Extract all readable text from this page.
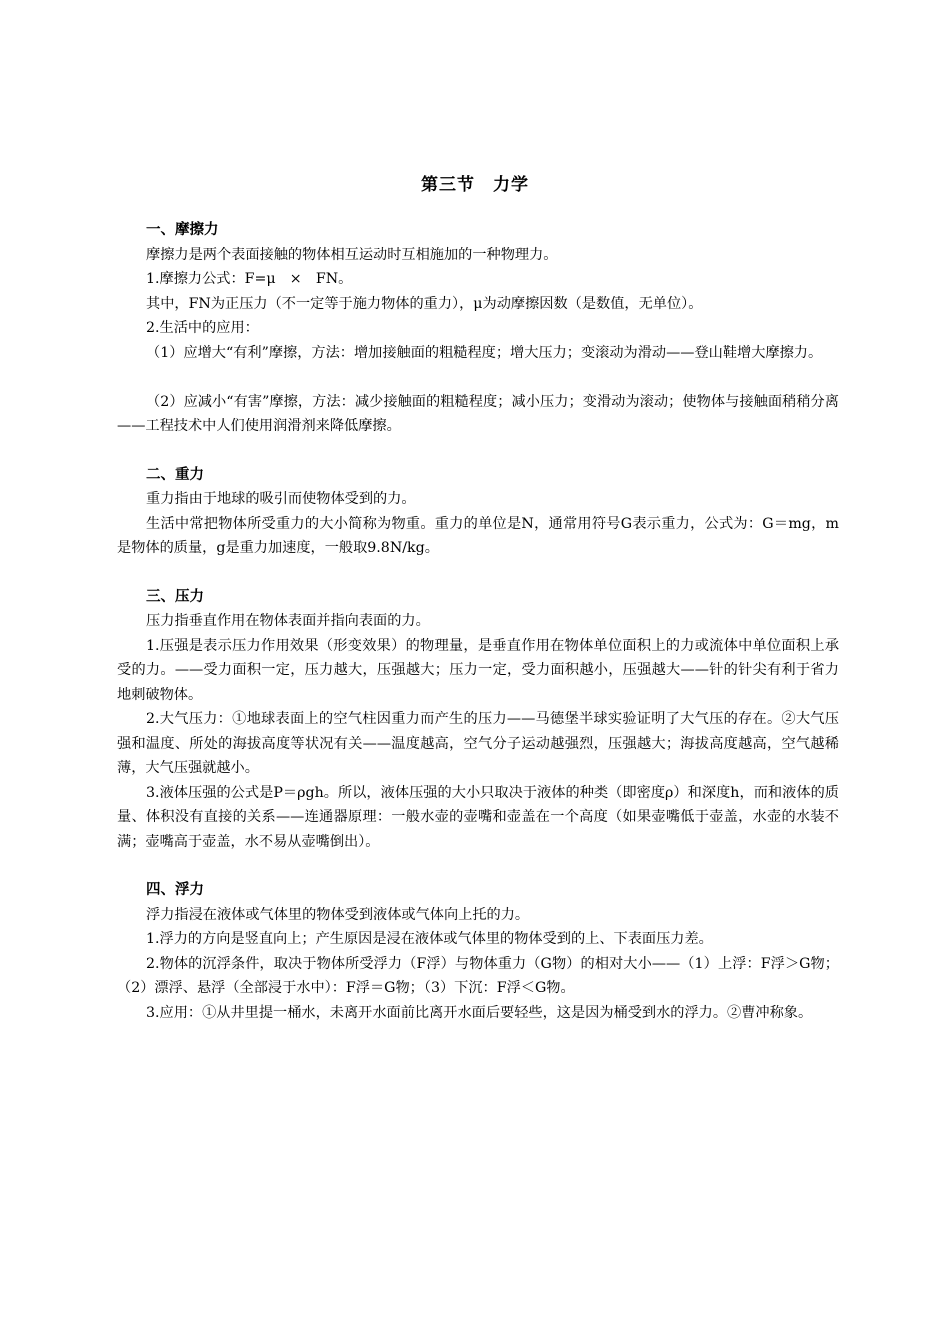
第三节　力学

一、摩擦力

摩擦力是两个表面接触的物体相互运动时互相施加的一种物理力。

1.摩擦力公式：F=μ　×　FN。

其中，FN为正压力（不一定等于施力物体的重力），μ为动摩擦因数（是数值，无单位）。

2.生活中的应用：

（1）应增大“有利”摩擦，方法：增加接触面的粗糙程度；增大压力；变滚动为滑动——登山鞋增大摩擦力。

（2）应减小“有害”摩擦，方法：减少接触面的粗糙程度；减小压力；变滑动为滚动；使物体与接触面稍稍分离——工程技术中人们使用润滑剂来降低摩擦。

二、重力

重力指由于地球的吸引而使物体受到的力。

生活中常把物体所受重力的大小简称为物重。重力的单位是N，通常用符号G表示重力，公式为：G＝mg，m是物体的质量，g是重力加速度，一般取9.8N/kg。

三、压力

压力指垂直作用在物体表面并指向表面的力。

1.压强是表示压力作用效果（形变效果）的物理量，是垂直作用在物体单位面积上的力或流体中单位面积上承受的力。——受力面积一定，压力越大，压强越大；压力一定，受力面积越小，压强越大——针的针尖有利于省力地刺破物体。

2.大气压力：①地球表面上的空气柱因重力而产生的压力——马德堡半球实验证明了大气压的存在。②大气压强和温度、所处的海拔高度等状况有关——温度越高，空气分子运动越强烈，压强越大；海拔高度越高，空气越稀薄，大气压强就越小。

3.液体压强的公式是P＝ρgh。所以，液体压强的大小只取决于液体的种类（即密度ρ）和深度h，而和液体的质量、体积没有直接的关系——连通器原理：一般水壶的壶嘴和壶盖在一个高度（如果壶嘴低于壶盖，水壶的水装不满；壶嘴高于壶盖，水不易从壶嘴倒出）。

四、浮力

浮力指浸在液体或气体里的物体受到液体或气体向上托的力。

1.浮力的方向是竖直向上；产生原因是浸在液体或气体里的物体受到的上、下表面压力差。

2.物体的沉浮条件，取决于物体所受浮力（F浮）与物体重力（G物）的相对大小——（1）上浮：F浮＞G物；（2）漂浮、悬浮（全部浸于水中）：F浮＝G物；（3）下沉：F浮＜G物。

3.应用：①从井里提一桶水，未离开水面前比离开水面后要轻些，这是因为桶受到水的浮力。②曹冲称象。
